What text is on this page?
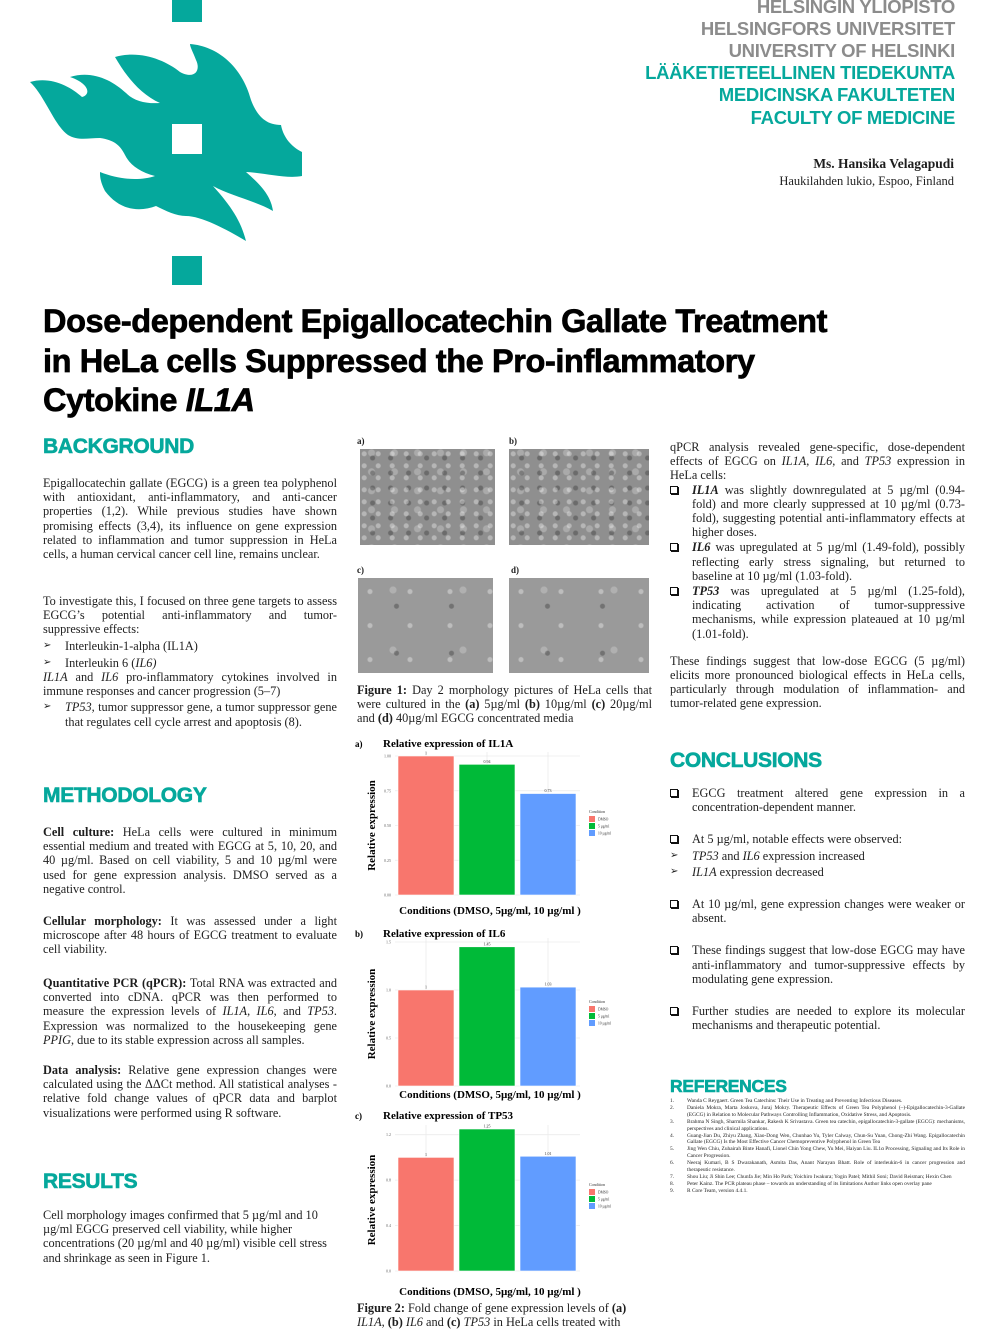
HELSINGIN YLIOPISTO
HELSINGFORS UNIVERSITET
UNIVERSITY OF HELSINKI
LÄÄKETIETEELLINEN TIEDEKUNTA
MEDICINSKA FAKULTETEN
FACULTY OF MEDICINE
Ms. Hansika Velagapudi
Haukilahden lukio, Espoo, Finland
Dose-dependent Epigallocatechin Gallate Treatment
in HeLa cells Suppressed the Pro-inflammatory
Cytokine IL1A
BACKGROUND
Epigallocatechin gallate (EGCG) is a green tea polyphenol with antioxidant, anti-inflammatory, and anti-cancer properties (1,2). While previous studies have shown promising effects (3,4), its influence on gene expression related to inflammation and tumor suppression in HeLa cells, a human cervical cancer cell line, remains unclear.
To investigate this, I focused on three gene targets to assess EGCG’s potential anti-inflammatory and tumor-suppressive effects:
➢ Interleukin-1-alpha (IL1A)
➢ Interleukin 6 (IL6)
IL1A and IL6 pro-inflammatory cytokines involved in immune responses and cancer progression (5–7)
➢ TP53, tumor suppressor gene, a tumor suppressor gene that regulates cell cycle arrest and apoptosis (8).
METHODOLOGY
Cell culture: HeLa cells were cultured in minimum essential medium and treated with EGCG at 5, 10, 20, and 40 µg/ml. Based on cell viability, 5 and 10 µg/ml were used for gene expression analysis. DMSO served as a negative control.
Cellular morphology: It was assessed under a light microscope after 48 hours of EGCG treatment to evaluate cell viability.
Quantitative PCR (qPCR): Total RNA was extracted and converted into cDNA. qPCR was then performed to measure the expression levels of IL1A, IL6, and TP53. Expression was normalized to the housekeeping gene PPIG, due to its stable expression across all samples.
Data analysis: Relative gene expression changes were calculated using the ΔΔCt method. All statistical analyses - relative fold change values of qPCR data and barplot visualizations were performed using R software.
RESULTS
Cell morphology images confirmed that 5 µg/ml and 10 µg/ml EGCG preserved cell viability, while higher concentrations (20 µg/ml and 40 µg/ml) visible cell stress and shrinkage as seen in Figure 1.
a)	b)
c)	d)
Figure 1: Day 2 morphology pictures of HeLa cells that were cultured in the (a) 5µg/ml (b) 10µg/ml (c) 20µg/ml and (d) 40µg/ml EGCG concentrated media
a) Relative expression of IL1A
0.00
0.25
0.50
0.75
1.00
1
0.94
0.73
Relative expression
Conditions (DMSO, 5µg/ml, 10 µg/ml )
Condition
DMSO
5 µg/ml
10 µg/ml
b) Relative expression of IL6
0.0
0.5
1.0
1.5
1
1.45
1.03
Relative expression
Conditions (DMSO, 5µg/ml, 10 µg/ml )
Condition
DMSO
5 µg/ml
10 µg/ml
c) Relative expression of TP53
0.0
0.4
0.8
1.2
1
1.25
1.01
Relative expression
Conditions (DMSO, 5µg/ml, 10 µg/ml )
Condition
DMSO
5 µg/ml
10 µg/ml
Figure 2: Fold change of gene expression levels of (a)
IL1A, (b) IL6 and (c) TP53 in HeLa cells treated with
qPCR analysis revealed gene-specific, dose-dependent effects of EGCG on IL1A, IL6, and TP53 expression in HeLa cells:
IL1A was slightly downregulated at 5 µg/ml (0.94-fold) and more clearly suppressed at 10 µg/ml (0.73-fold), suggesting potential anti-inflammatory effects at higher doses.
IL6 was upregulated at 5 µg/ml (1.49-fold), possibly reflecting early stress signaling, but returned to baseline at 10 µg/ml (1.03-fold).
TP53 was upregulated at 5 µg/ml (1.25-fold), indicating activation of tumor-suppressive mechanisms, while expression plateaued at 10 µg/ml (1.01-fold).
These findings suggest that low-dose EGCG (5 µg/ml) elicits more pronounced biological effects in HeLa cells, particularly through modulation of inflammation- and tumor-related gene expression.
CONCLUSIONS
EGCG treatment altered gene expression in a concentration-dependent manner.
At 5 µg/ml, notable effects were observed:
➢ TP53 and IL6 expression increased
➢ IL1A expression decreased
At 10 µg/ml, gene expression changes were weaker or absent.
These findings suggest that low-dose EGCG may have anti-inflammatory and tumor-suppressive effects by modulating gene expression.
Further studies are needed to explore its molecular mechanisms and therapeutic potential.
REFERENCES
1. Wanda C Reygaert. Green Tea Catechins: Their Use in Treating and Preventing Infectious Diseases.
2. Daniela Mokra, Marta Joskova, Juraj Mokry. Therapeutic Effects of Green Tea Polyphenol (–)-Epigallocatechin-3-Gallate (EGCG) in Relation to Molecular Pathways Controlling Inflammation, Oxidative Stress, and Apoptosis.
3. Brahma N Singh, Sharmila Shankar, Rakesh K Srivastava. Green tea catechin, epigallocatechin-3-gallate (EGCG): mechanisms, perspectives and clinical applications.
4. Guang-Jian Du, Zhiyu Zhang, Xiao-Dong Wen, Chunhao Yu, Tyler Calway, Chun-Su Yuan, Chong-Zhi Wang. Epigallocatechin Gallate (EGCG) Is the Most Effective Cancer Chemopreventive Polyphenol in Green Tea
5. Jing Wen Chiu, Zuhairah Binte Hanafi, Lionel Chin Yong Chew, Yu Mei, Haiyan Liu. IL1α Processing, Signaling and Its Role in Cancer Progression.
6. Neeraj Kumari, B S Dwarakanath, Asmita Das, Anant Narayan Bhatt. Role of interleukin-6 in cancer progression and therapeutic resistance.
7. Shou Liu; Ji Shin Lee; Chunfa Jie; Min Ho Park; Yoichiro Iwakura; Yogin Patel; Mithil Soni; David Reisman; Hexin Chen
8. Peter Kainz. The PCR plateau phase – towards an understanding of its limitations Author links open overlay pane
9. R Core Team, version 4.4.1.
